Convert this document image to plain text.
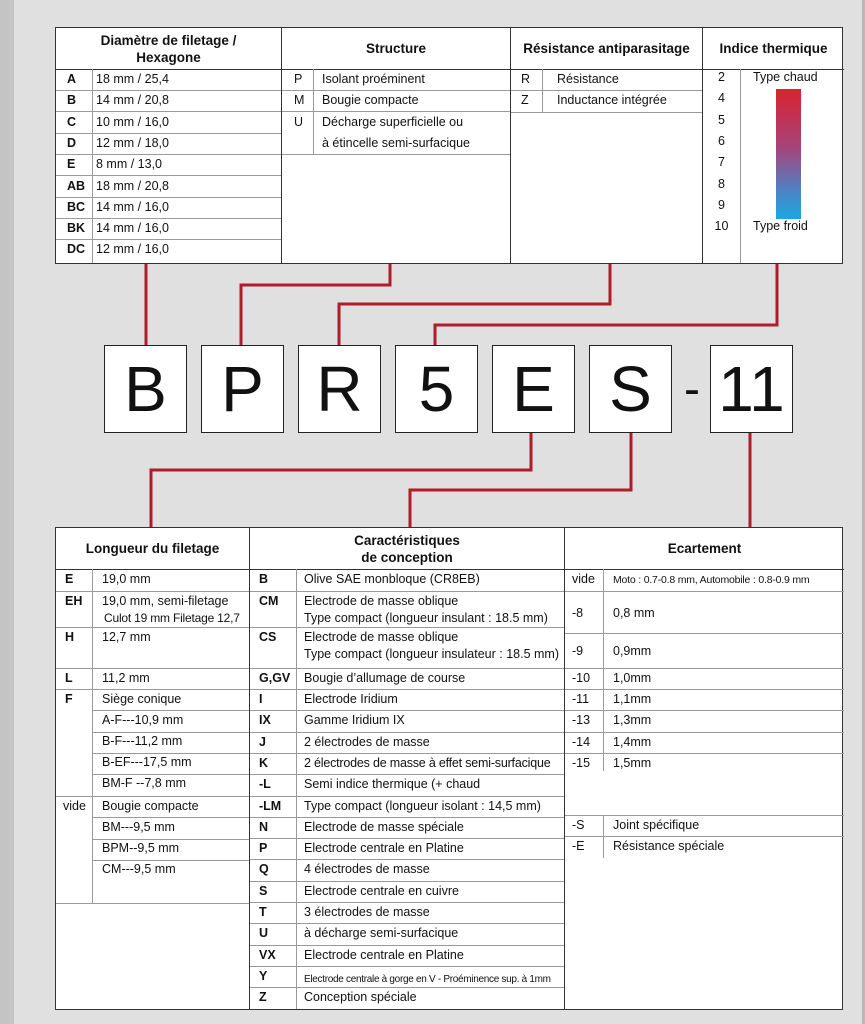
Diamètre de filetage /
Hexagone
A 18 mm / 25,4
B 14 mm / 20,8
C 10 mm / 16,0
D 12 mm / 18,0
E 8 mm / 13,0
AB 18 mm / 20,8
BC 14 mm / 16,0
BK 14 mm / 16,0
DC 12 mm / 16,0
Structure
P Isolant proéminent
M Bougie compacte
U Décharge superficielle ou
à étincelle semi-surfacique
Résistance antiparasitage
R Résistance
Z Inductance intégrée
Indice thermique
2
4
5
6
7
8
9
10
Type chaud
Type froid
B P R 5 E S - 11
Longueur du filetage
E 19,0 mm
EH 19,0 mm, semi-filetage
Culot 19 mm Filetage 12,7
H 12,7 mm
L 11,2 mm
F Siège conique
A-F---10,9 mm
B-F---11,2 mm
B-EF---17,5 mm
BM-F --7,8 mm
vide Bougie compacte
BM---9,5 mm
BPM--9,5 mm
CM---9,5 mm
Caractéristiques
de conception
B	Olive SAE monbloque (CR8EB)
CM Electrode de masse oblique
Type compact (longueur insulant : 18.5 mm)
CS Electrode de masse oblique
Type compact (longueur insulateur : 18.5 mm)
G,GV Bougie d’allumage de course
I	Electrode Iridium
IX	Gamme Iridium IX
J	2 électrodes de masse
K	2 électrodes de masse à effet semi-surfacique
-L	Semi indice thermique (+ chaud
-LM Type compact (longueur isolant : 14,5 mm)
N	Electrode de masse spéciale
P	Electrode centrale en Platine
Q	4 électrodes de masse
S	Electrode centrale en cuivre
T	3 électrodes de masse
U	à décharge semi-surfacique
VX Electrode centrale en Platine
Y	Electrode centrale à gorge en V - Proéminence sup. à 1mm
Z	Conception spéciale
Ecartement
vide Moto : 0.7-0.8 mm, Automobile : 0.8-0.9 mm
-8 0,8 mm
-9 0,9mm
-10 1,0mm
-11 1,1mm
-13 1,3mm
-14 1,4mm
-15 1,5mm
-S Joint spécifique
-E Résistance spéciale
